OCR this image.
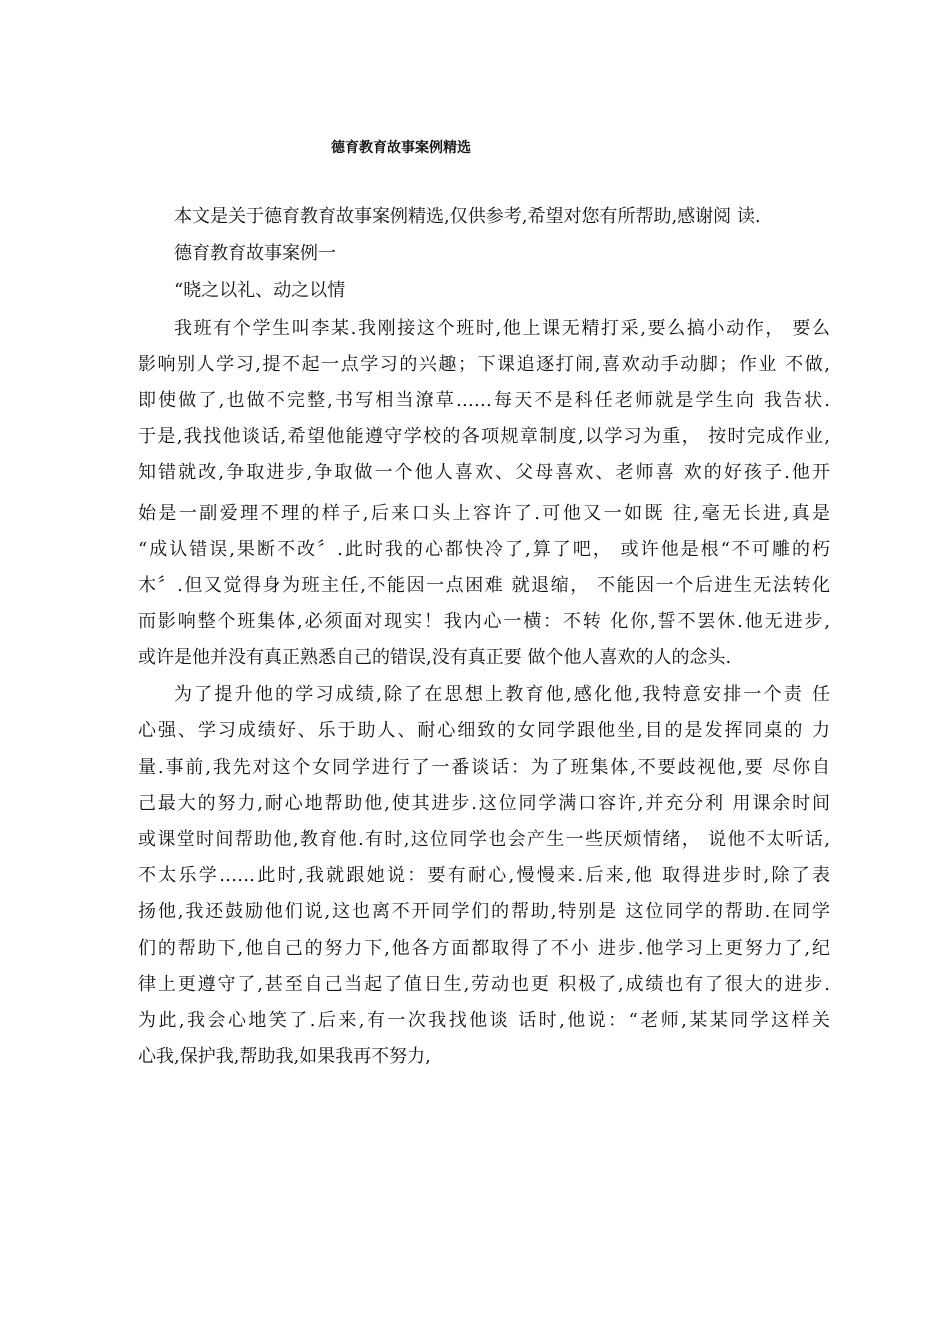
德育教育故事案例精选
本文是关于德育教育故事案例精选,仅供参考,希望对您有所帮助,感谢阅 读.
德育教育故事案例一
“晓之以礼、动之以情
我班有个学生叫李某.我刚接这个班时,他上课无精打采,要么搞小动作， 要么
影响别人学习,提不起一点学习的兴趣；下课追逐打闹,喜欢动手动脚；作业 不做,
即使做了,也做不完整,书写相当潦草……每天不是科任老师就是学生向 我告状.
于是,我找他谈话,希望他能遵守学校的各项规章制度,以学习为重， 按时完成作业,
知错就改,争取进步,争取做一个他人喜欢、父母喜欢、老师喜 欢的好孩子.他开
始是一副爱理不理的样子,后来口头上容许了.可他又一如既 往,毫无长进,真是
“成认错误,果断不改〞.此时我的心都快冷了,算了吧， 或许他是根“不可雕的朽
木〞.但又觉得身为班主任,不能因一点困难 就退缩， 不能因一个后进生无法转化
而影响整个班集体,必须面对现实！我内心一横：不转 化你,誓不罢休.他无进步,
或许是他并没有真正熟悉自己的错误,没有真正要 做个他人喜欢的人的念头.
为了提升他的学习成绩,除了在思想上教育他,感化他,我特意安排一个责 任
心强、学习成绩好、乐于助人、耐心细致的女同学跟他坐,目的是发挥同桌的 力
量.事前,我先对这个女同学进行了一番谈话：为了班集体,不要歧视他,要 尽你自
己最大的努力,耐心地帮助他,使其进步.这位同学满口容许,并充分利 用课余时间
或课堂时间帮助他,教育他.有时,这位同学也会产生一些厌烦情绪， 说他不太听话,
不太乐学……此时,我就跟她说：要有耐心,慢慢来.后来,他 取得进步时,除了表
扬他,我还鼓励他们说,这也离不开同学们的帮助,特别是 这位同学的帮助.在同学
们的帮助下,他自己的努力下,他各方面都取得了不小 进步.他学习上更努力了,纪
律上更遵守了,甚至自己当起了值日生,劳动也更 积极了,成绩也有了很大的进步.
为此,我会心地笑了.后来,有一次我找他谈 话时,他说：“老师,某某同学这样关
心我,保护我,帮助我,如果我再不努力,
